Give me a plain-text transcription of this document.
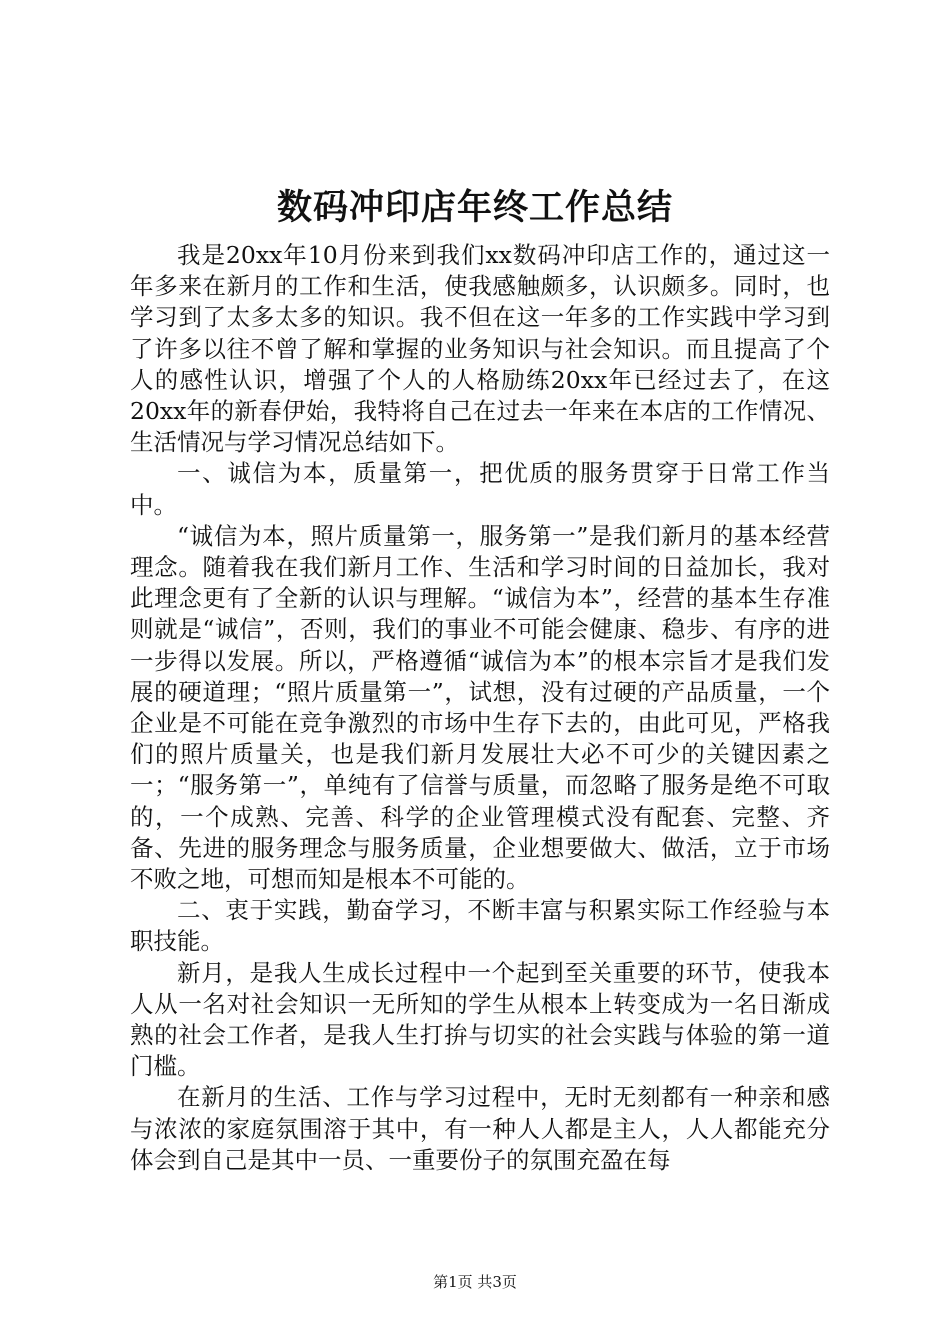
数码冲印店年终工作总结

我是20xx年10月份来到我们xx数码冲印店工作的，通过这一年多来在新月的工作和生活，使我感触颇多，认识颇多。同时，也学习到了太多太多的知识。我不但在这一年多的工作实践中学习到了许多以往不曾了解和掌握的业务知识与社会知识。而且提高了个人的感性认识，增强了个人的人格励练20xx年已经过去了，在这20xx年的新春伊始，我特将自己在过去一年来在本店的工作情况、生活情况与学习情况总结如下。

一、诚信为本，质量第一，把优质的服务贯穿于日常工作当中。

“诚信为本，照片质量第一，服务第一”是我们新月的基本经营理念。随着我在我们新月工作、生活和学习时间的日益加长，我对此理念更有了全新的认识与理解。“诚信为本”，经营的基本生存准则就是“诚信”，否则，我们的事业不可能会健康、稳步、有序的进一步得以发展。所以，严格遵循“诚信为本”的根本宗旨才是我们发展的硬道理；“照片质量第一”，试想，没有过硬的产品质量，一个企业是不可能在竞争激烈的市场中生存下去的，由此可见，严格我们的照片质量关，也是我们新月发展壮大必不可少的关键因素之一；“服务第一”，单纯有了信誉与质量，而忽略了服务是绝不可取的，一个成熟、完善、科学的企业管理模式没有配套、完整、齐备、先进的服务理念与服务质量，企业想要做大、做活，立于市场不败之地，可想而知是根本不可能的。

二、衷于实践，勤奋学习，不断丰富与积累实际工作经验与本职技能。

新月，是我人生成长过程中一个起到至关重要的环节，使我本人从一名对社会知识一无所知的学生从根本上转变成为一名日渐成熟的社会工作者，是我人生打拚与切实的社会实践与体验的第一道门槛。

在新月的生活、工作与学习过程中，无时无刻都有一种亲和感与浓浓的家庭氛围溶于其中，有一种人人都是主人，人人都能充分体会到自己是其中一员、一重要份子的氛围充盈在每

第1页 共3页
